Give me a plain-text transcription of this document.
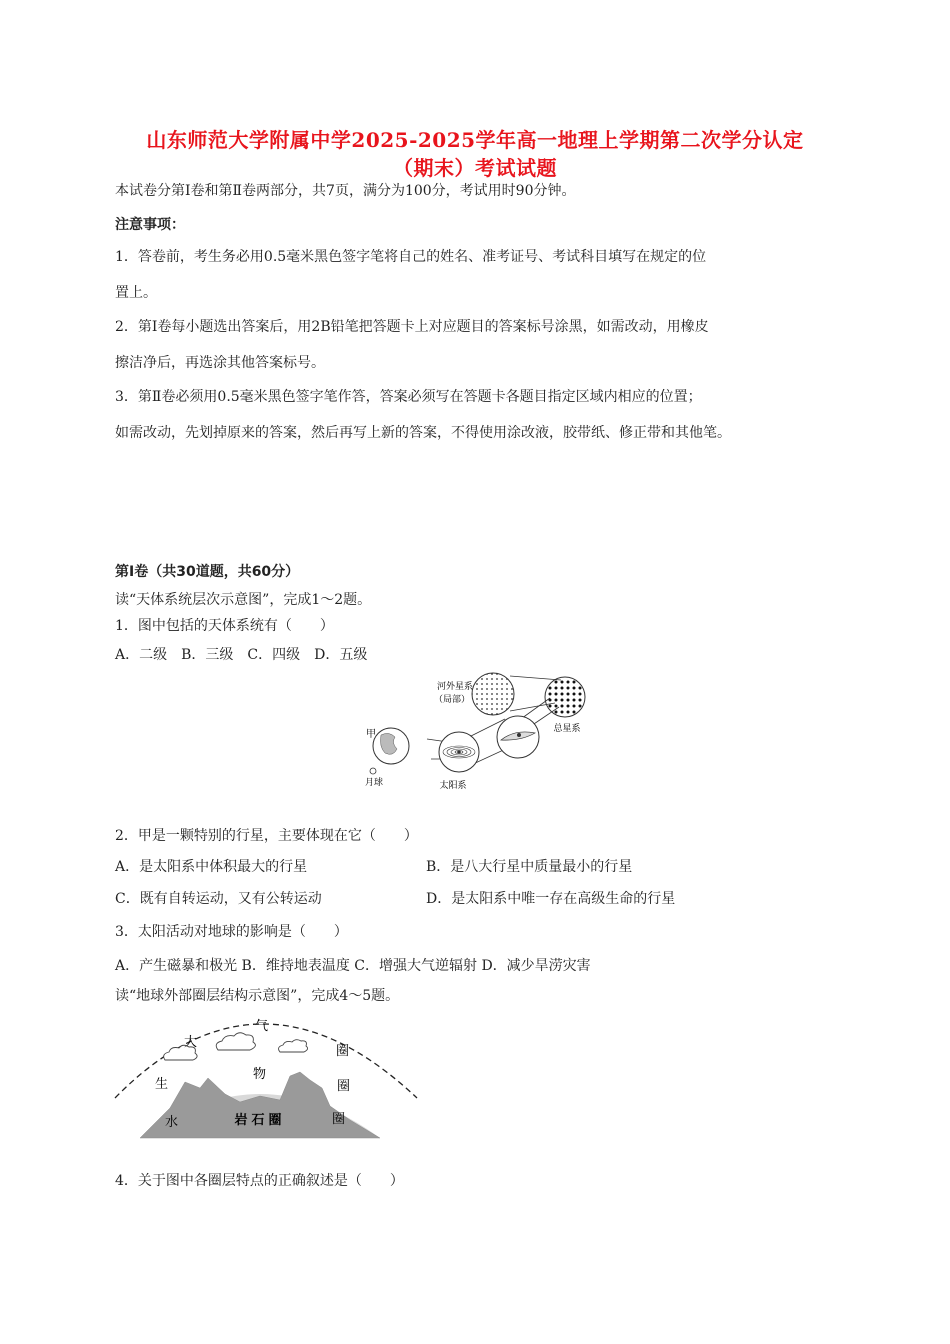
山东师范大学附属中学2025-2025学年高一地理上学期第二次学分认定
（期末）考试试题
本试卷分第Ⅰ卷和第Ⅱ卷两部分，共7页，满分为100分，考试用时90分钟。
注意事项：
1．答卷前，考生务必用0.5毫米黑色签字笔将自己的姓名、准考证号、考试科目填写在规定的位
置上。
2．第Ⅰ卷每小题选出答案后，用2B铅笔把答题卡上对应题目的答案标号涂黑，如需改动，用橡皮
擦洁净后，再选涂其他答案标号。
3．第Ⅱ卷必须用0.5毫米黑色签字笔作答，答案必须写在答题卡各题目指定区域内相应的位置；
如需改动，先划掉原来的答案，然后再写上新的答案，不得使用涂改液，胶带纸、修正带和其他笔。
第Ⅰ卷（共30道题，共60分）
读“天体系统层次示意图”，完成1～2题。
1．图中包括的天体系统有（　　）
A．二级　B．三级　C．四级　D．五级
河外星系
（局部）
总星系
甲
月球	太阳系
2．甲是一颗特别的行星，主要体现在它（　　）
A．是太阳系中体积最大的行星	B．是八大行星中质量最小的行星
C．既有自转运动，又有公转运动	D．是太阳系中唯一存在高级生命的行星
3．太阳活动对地球的影响是（　　）
A．产生磁暴和极光 B．维持地表温度 C．增强大气逆辐射 D．减少旱涝灾害
读“地球外部圈层结构示意图”，完成4～5题。
大
气
圈
生
物
圈
水	圈
岩石圈
4．关于图中各圈层特点的正确叙述是（　　）
